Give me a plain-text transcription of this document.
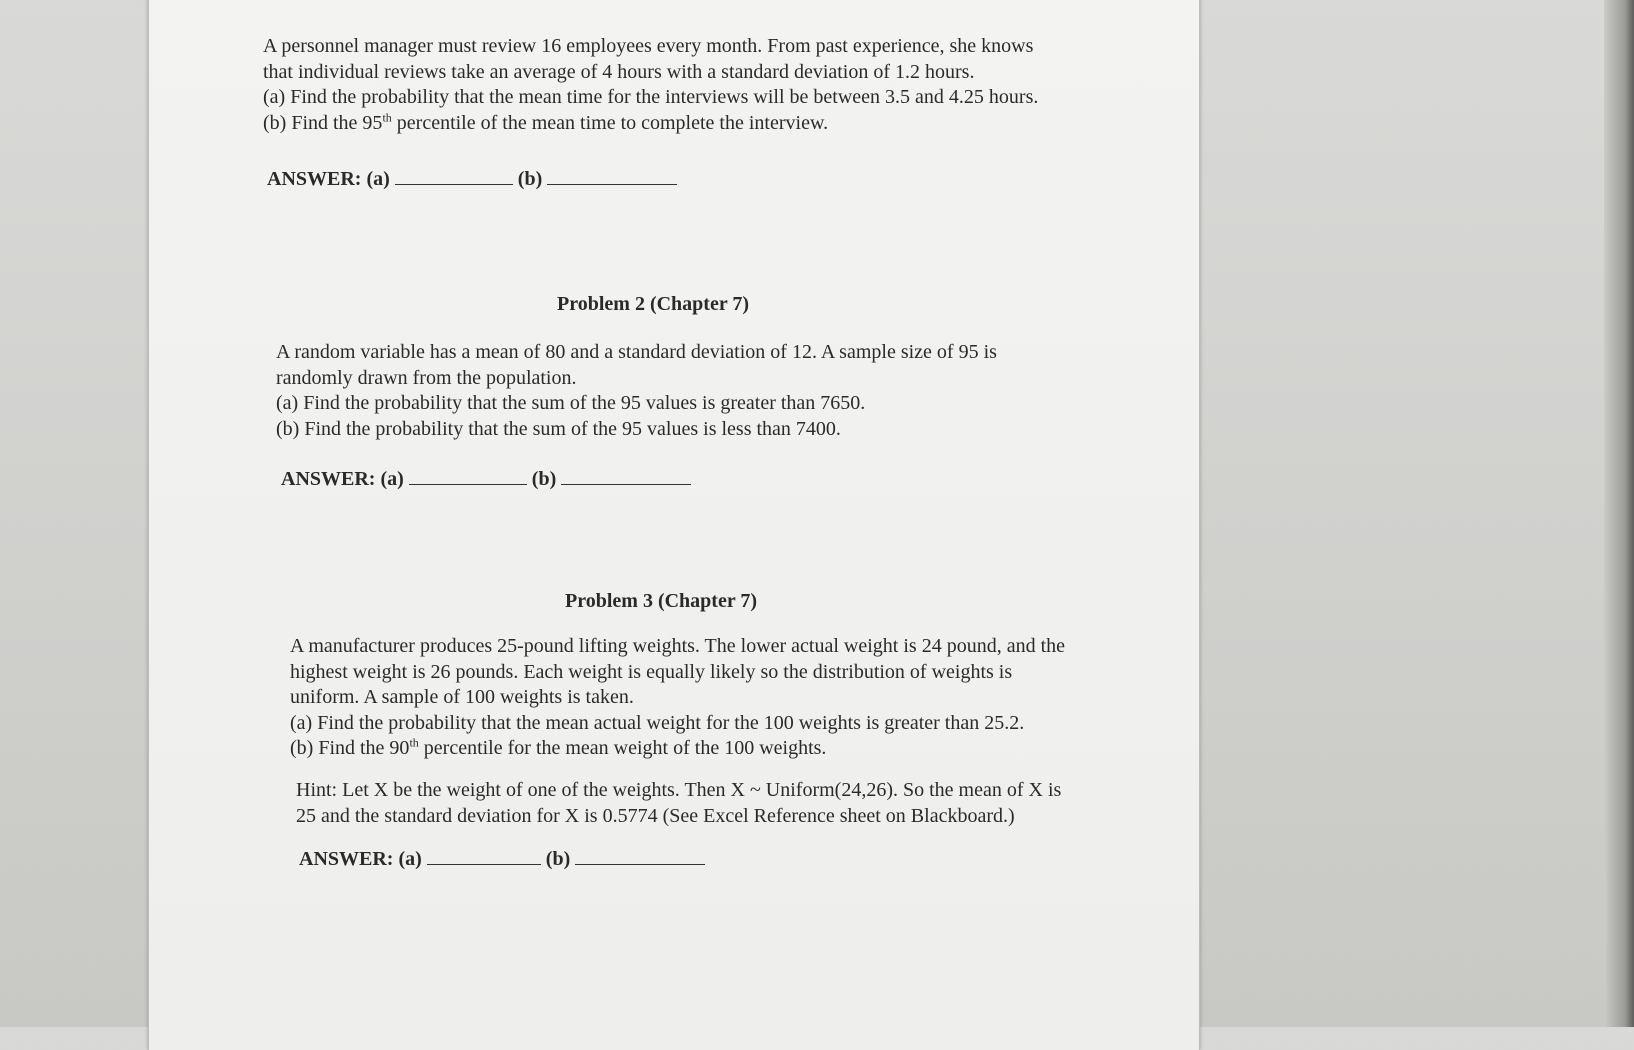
A personnel manager must review 16 employees every month. From past experience, she knows
that individual reviews take an average of 4 hours with a standard deviation of 1.2 hours.
(a) Find the probability that the mean time for the interviews will be between 3.5 and 4.25 hours.
(b) Find the 95th percentile of the mean time to complete the interview.
ANSWER: (a)	(b)
Problem 2 (Chapter 7)
A random variable has a mean of 80 and a standard deviation of 12. A sample size of 95 is
randomly drawn from the population.
(a) Find the probability that the sum of the 95 values is greater than 7650.
(b) Find the probability that the sum of the 95 values is less than 7400.
ANSWER: (a)	(b)
Problem 3 (Chapter 7)
A manufacturer produces 25-pound lifting weights. The lower actual weight is 24 pound, and the
highest weight is 26 pounds. Each weight is equally likely so the distribution of weights is
uniform. A sample of 100 weights is taken.
(a) Find the probability that the mean actual weight for the 100 weights is greater than 25.2.
(b) Find the 90th percentile for the mean weight of the 100 weights.
Hint: Let X be the weight of one of the weights. Then X ~ Uniform(24,26). So the mean of X is
25 and the standard deviation for X is 0.5774 (See Excel Reference sheet on Blackboard.)
ANSWER: (a)	(b)
